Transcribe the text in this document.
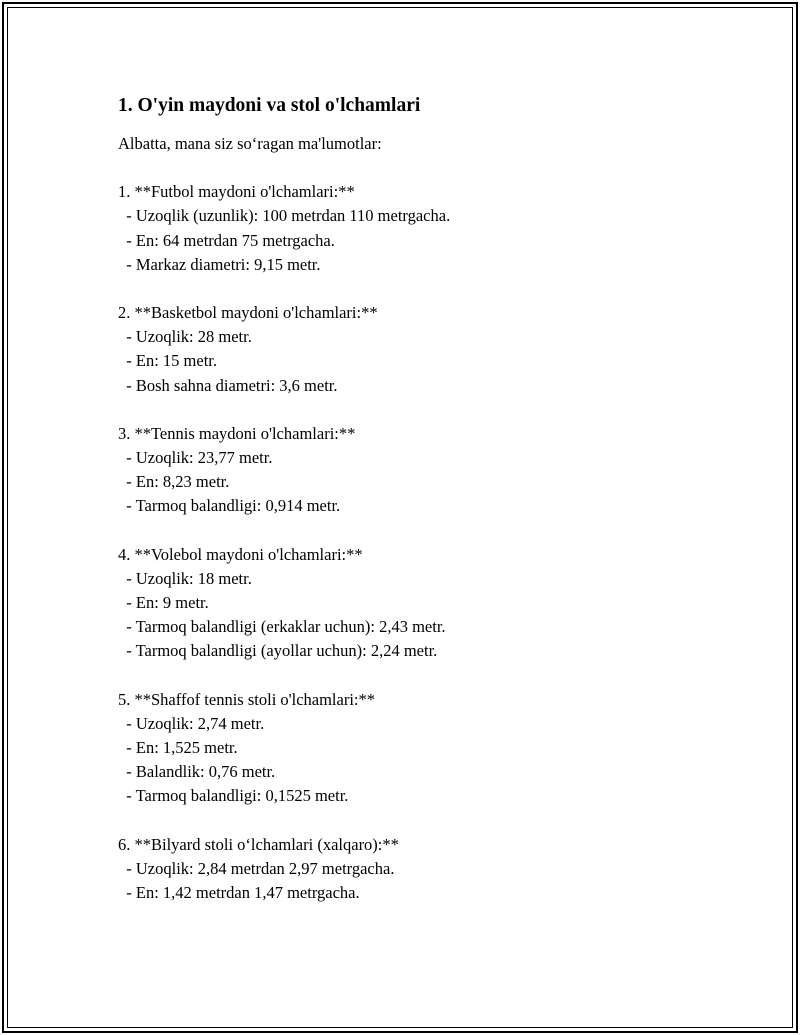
1. O'yin maydoni va stol o'lchamlari

Albatta, mana siz so‘ragan ma'lumotlar:

1. **Futbol maydoni o'lchamlari:**
- Uzoqlik (uzunlik): 100 metrdan 110 metrgacha.
- En: 64 metrdan 75 metrgacha.
- Markaz diametri: 9,15 metr.
2. **Basketbol maydoni o'lchamlari:**
- Uzoqlik: 28 metr.
- En: 15 metr.
- Bosh sahna diametri: 3,6 metr.
3. **Tennis maydoni o'lchamlari:**
- Uzoqlik: 23,77 metr.
- En: 8,23 metr.
- Tarmoq balandligi: 0,914 metr.
4. **Volebol maydoni o'lchamlari:**
- Uzoqlik: 18 metr.
- En: 9 metr.
- Tarmoq balandligi (erkaklar uchun): 2,43 metr.
- Tarmoq balandligi (ayollar uchun): 2,24 metr.
5. **Shaffof tennis stoli o'lchamlari:**
- Uzoqlik: 2,74 metr.
- En: 1,525 metr.
- Balandlik: 0,76 metr.
- Tarmoq balandligi: 0,1525 metr.
6. **Bilyard stoli o‘lchamlari (xalqaro):**
- Uzoqlik: 2,84 metrdan 2,97 metrgacha.
- En: 1,42 metrdan 1,47 metrgacha.
